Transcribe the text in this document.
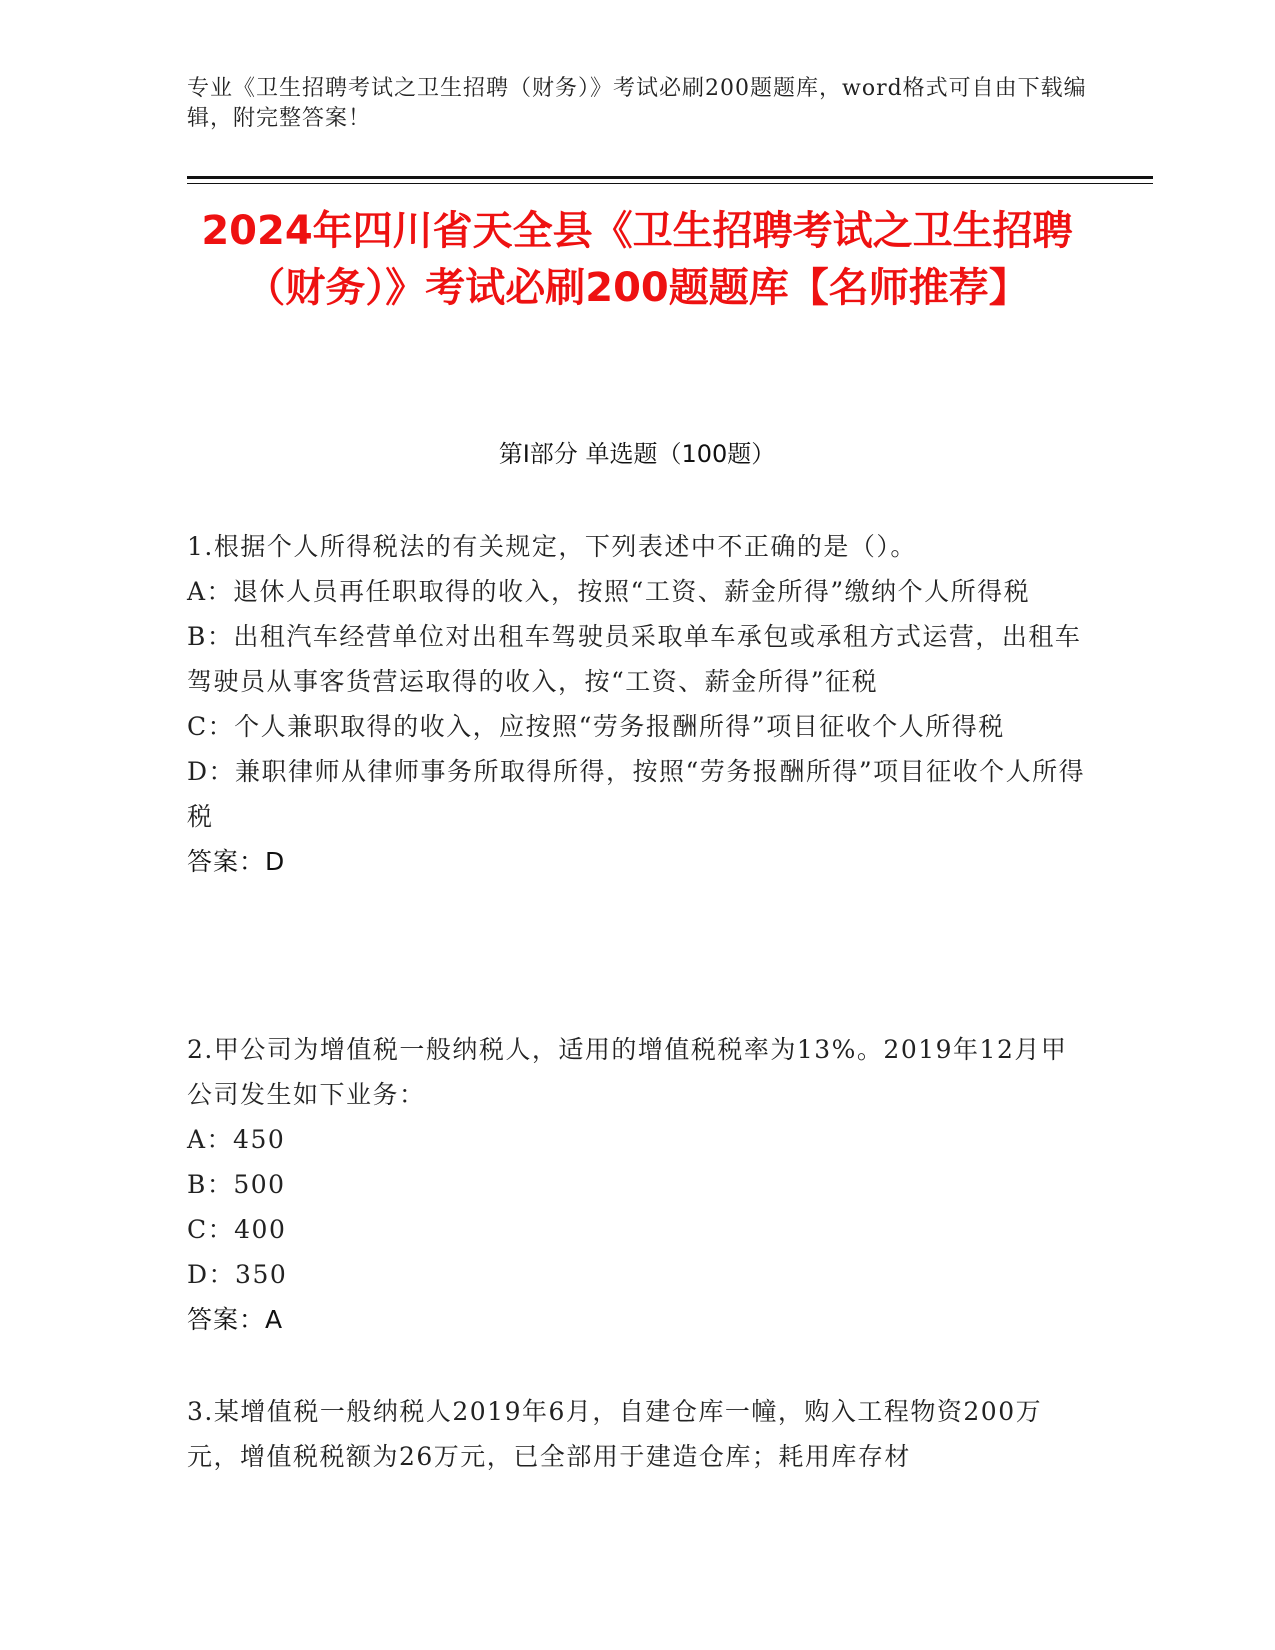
专业《卫生招聘考试之卫生招聘（财务）》考试必刷200题题库，word格式可自由下载编辑，附完整答案！
2024年四川省天全县《卫生招聘考试之卫生招聘（财务）》考试必刷200题题库【名师推荐】
第I部分 单选题（100题）
1.根据个人所得税法的有关规定，下列表述中不正确的是（）。
A：退休人员再任职取得的收入，按照“工资、薪金所得”缴纳个人所得税
B：出租汽车经营单位对出租车驾驶员采取单车承包或承租方式运营，出租车驾驶员从事客货营运取得的收入，按“工资、薪金所得”征税
C：个人兼职取得的收入，应按照“劳务报酬所得”项目征收个人所得税
D：兼职律师从律师事务所取得所得，按照“劳务报酬所得”项目征收个人所得税
答案：D
2.甲公司为增值税一般纳税人，适用的增值税税率为13%。2019年12月甲公司发生如下业务：
A：450
B：500
C：400
D：350
答案：A
3.某增值税一般纳税人2019年6月，自建仓库一幢，购入工程物资200万元，增值税税额为26万元，已全部用于建造仓库；耗用库存材
